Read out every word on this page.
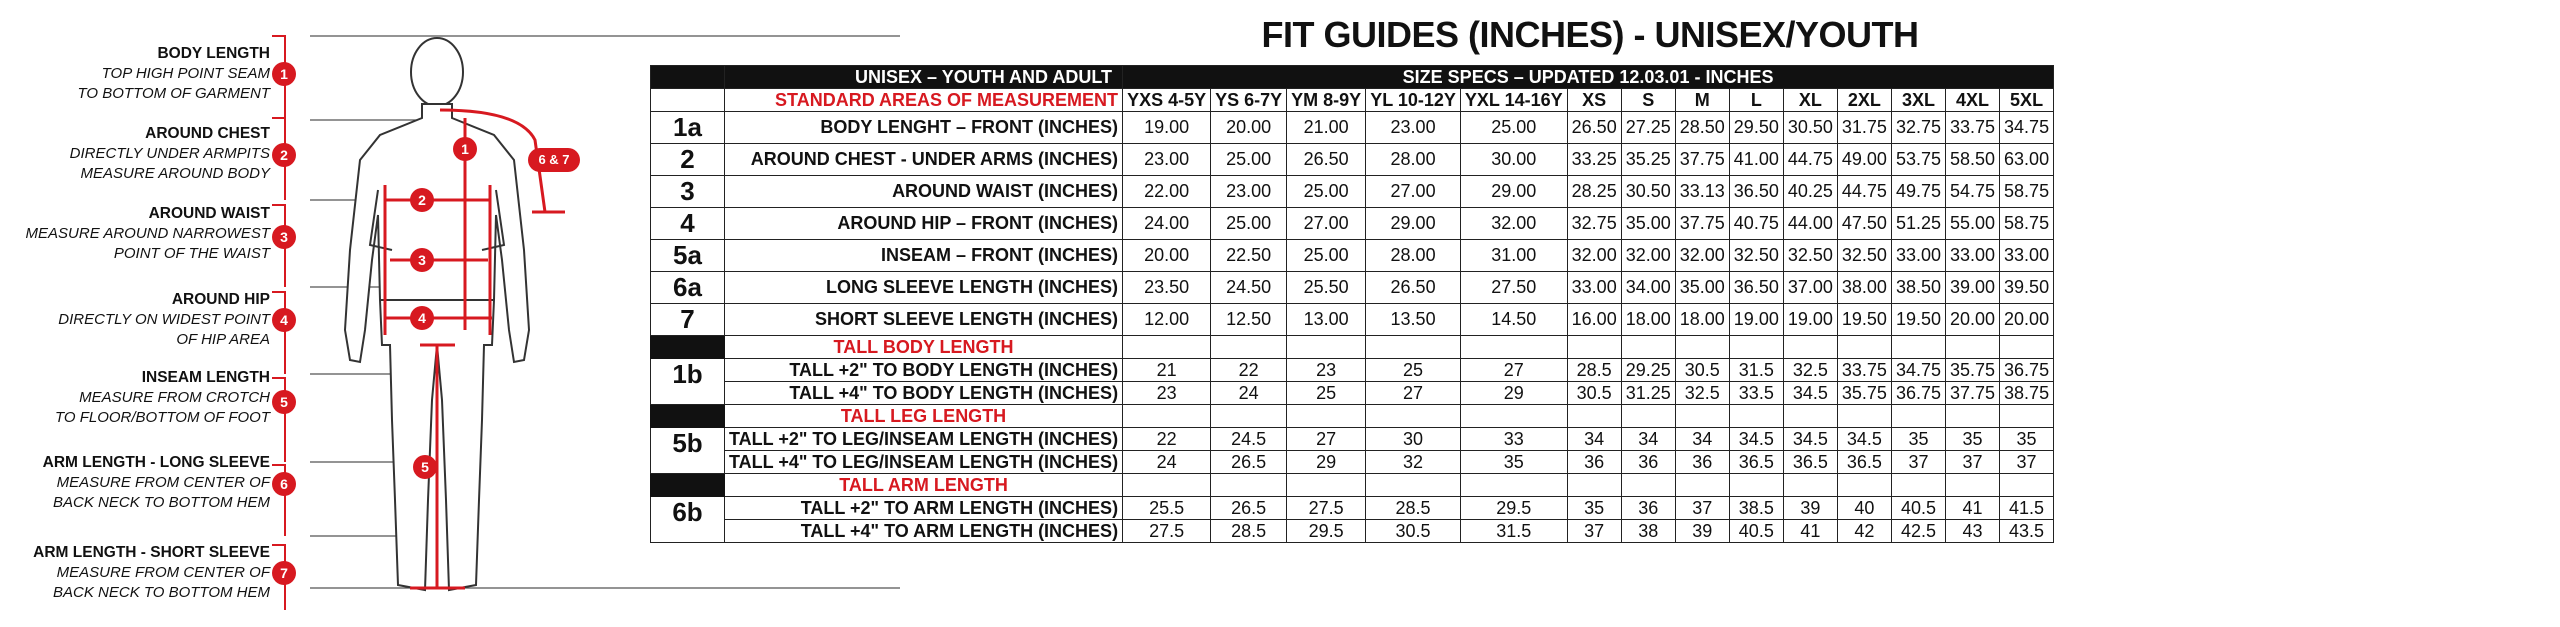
FIT GUIDES (INCHES) - UNISEX/YOUTH
1
2
3
4
5
6 & 7
BODY LENGTH
TOP HIGH POINT SEAM
TO BOTTOM OF GARMENT
AROUND CHEST
DIRECTLY UNDER ARMPITS
MEASURE AROUND BODY
AROUND WAIST
MEASURE AROUND NARROWEST
POINT OF THE WAIST
AROUND HIP
DIRECTLY ON WIDEST POINT
OF HIP AREA
INSEAM LENGTH
MEASURE FROM CROTCH
TO FLOOR/BOTTOM OF FOOT
ARM LENGTH - LONG SLEEVE
MEASURE FROM CENTER OF
BACK NECK TO BOTTOM HEM
ARM LENGTH - SHORT SLEEVE
MEASURE FROM CENTER OF
BACK NECK TO BOTTOM HEM
1
2
3
4
5
6
7
	UNISEX – YOUTH AND ADULT	SIZE SPECS – UPDATED 12.03.01 - INCHES													
	STANDARD AREAS OF MEASUREMENT	YXS 4-5Y	YS 6-7Y	YM 8-9Y	YL 10-12Y	YXL 14-16Y	XS	S	M	L	XL	2XL	3XL	4XL	5XL
1a	BODY LENGHT – FRONT (INCHES)	19.00	20.00	21.00	23.00	25.00	26.50	27.25	28.50	29.50	30.50	31.75	32.75	33.75	34.75
2	AROUND CHEST - UNDER ARMS (INCHES)	23.00	25.00	26.50	28.00	30.00	33.25	35.25	37.75	41.00	44.75	49.00	53.75	58.50	63.00
3	AROUND WAIST (INCHES)	22.00	23.00	25.00	27.00	29.00	28.25	30.50	33.13	36.50	40.25	44.75	49.75	54.75	58.75
4	AROUND HIP – FRONT (INCHES)	24.00	25.00	27.00	29.00	32.00	32.75	35.00	37.75	40.75	44.00	47.50	51.25	55.00	58.75
5a	INSEAM – FRONT (INCHES)	20.00	22.50	25.00	28.00	31.00	32.00	32.00	32.00	32.50	32.50	32.50	33.00	33.00	33.00
6a	LONG SLEEVE LENGTH (INCHES)	23.50	24.50	25.50	26.50	27.50	33.00	34.00	35.00	36.50	37.00	38.00	38.50	39.00	39.50
7	SHORT SLEEVE LENGTH (INCHES)	12.00	12.50	13.00	13.50	14.50	16.00	18.00	18.00	19.00	19.00	19.50	19.50	20.00	20.00
	TALL BODY LENGTH														
1b	TALL +2" TO BODY LENGTH (INCHES)	21	22	23	25	27	28.5	29.25	30.5	31.5	32.5	33.75	34.75	35.75	36.75
	TALL +4" TO BODY LENGTH (INCHES)	23	24	25	27	29	30.5	31.25	32.5	33.5	34.5	35.75	36.75	37.75	38.75
	TALL LEG LENGTH														
5b	TALL +2" TO LEG/INSEAM LENGTH (INCHES)	22	24.5	27	30	33	34	34	34	34.5	34.5	34.5	35	35	35
	TALL +4" TO LEG/INSEAM LENGTH (INCHES)	24	26.5	29	32	35	36	36	36	36.5	36.5	36.5	37	37	37
	TALL ARM LENGTH														
6b	TALL +2" TO ARM LENGTH (INCHES)	25.5	26.5	27.5	28.5	29.5	35	36	37	38.5	39	40	40.5	41	41.5
	TALL +4" TO ARM LENGTH (INCHES)	27.5	28.5	29.5	30.5	31.5	37	38	39	40.5	41	42	42.5	43	43.5
